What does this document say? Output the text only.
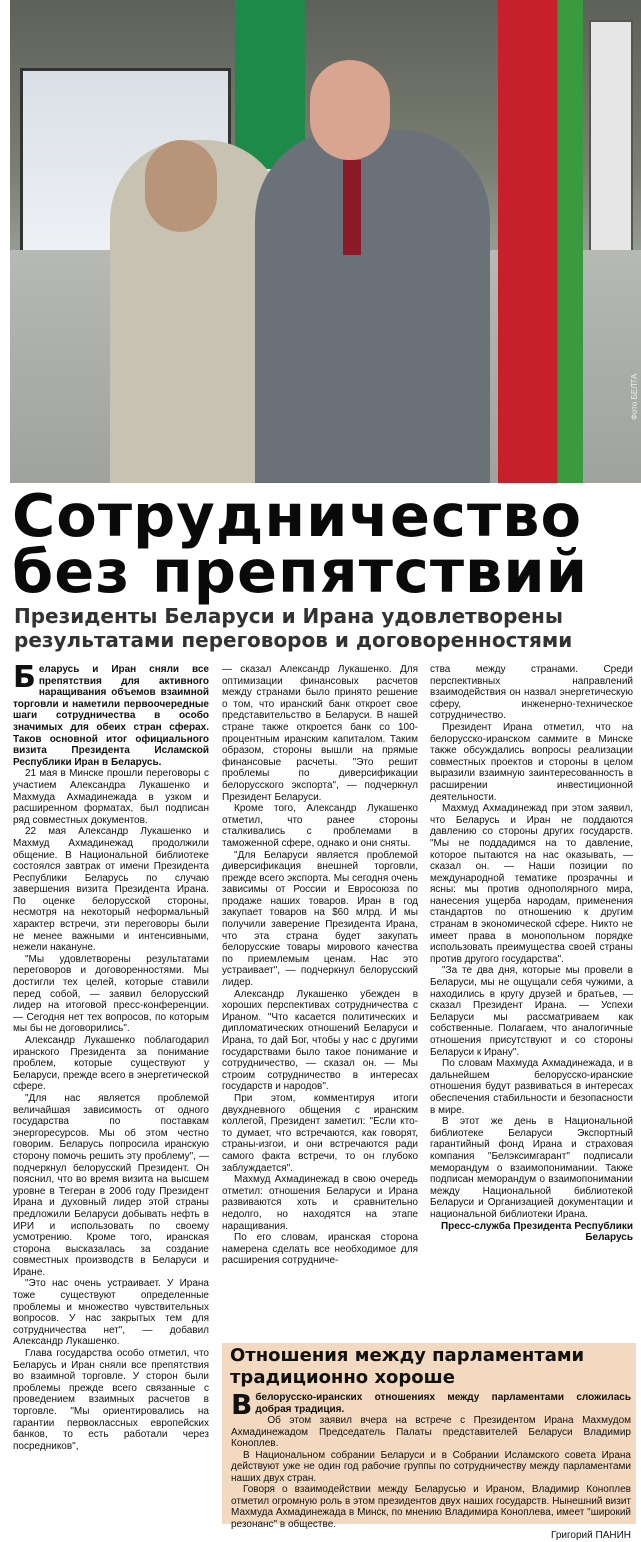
Фото БЕЛТА
Сотрудничество
без препятствий
Президенты Беларуси и Ирана удовлетворены результатами переговоров и договоренностями

Беларусь и Иран сняли все препятствия для активного наращивания объемов взаимной торговли и наметили первоочередные шаги сотрудничества в особо значимых для обеих стран сферах. Таков основной итог официального визита Президента Исламской Республики Иран в Беларусь.

21 мая в Минске прошли переговоры с участием Александра Лукашенко и Махмуда Ахмадинежада в узком и расширенном форматах, был подписан ряд совместных документов.

22 мая Александр Лукашенко и Махмуд Ахмадинежад продолжили общение. В Национальной библиотеке состоялся завтрак от имени Президента Республики Беларусь по случаю завершения визита Президента Ирана. По оценке белорусской стороны, несмотря на некоторый неформальный характер встречи, эти переговоры были не менее важными и интенсивными, нежели накануне.

"Мы удовлетворены результатами переговоров и договоренностями. Мы достигли тех целей, которые ставили перед собой, — заявил белорусский лидер на итоговой пресс-конференции. — Сегодня нет тех вопросов, по которым мы бы не договорились".

Александр Лукашенко поблагодарил иранского Президента за понимание проблем, которые существуют у Беларуси, прежде всего в энергетической сфере.

"Для нас является проблемой величайшая зависимость от одного государства по поставкам энергоресурсов. Мы об этом честно говорим. Беларусь попросила иранскую сторону помочь решить эту проблему", — подчеркнул белорусский Президент. Он пояснил, что во время визита на высшем уровне в Тегеран в 2006 году Президент Ирана и духовный лидер этой страны предложили Беларуси добывать нефть в ИРИ и использовать по своему усмотрению. Кроме того, иранская сторона высказалась за создание совместных производств в Беларуси и Иране.

"Это нас очень устраивает. У Ирана тоже существуют определенные проблемы и множество чувствительных вопросов. У нас закрытых тем для сотрудничества нет", — добавил Александр Лукашенко.

Глава государства особо отметил, что Беларусь и Иран сняли все препятствия во взаимной торговле. У сторон были проблемы прежде всего связанные с проведением взаимных расчетов в торговле. "Мы ориентировались на гарантии первоклассных европейских банков, то есть работали через посредников",

— сказал Александр Лукашенко. Для оптимизации финансовых расчетов между странами было принято решение о том, что иранский банк откроет свое представительство в Беларуси. В нашей стране также откроется банк со 100-процентным иранским капиталом. Таким образом, стороны вышли на прямые финансовые расчеты. "Это решит проблемы по диверсификации белорусского экспорта", — подчеркнул Президент Беларуси.

Кроме того, Александр Лукашенко отметил, что ранее стороны сталкивались с проблемами в таможенной сфере, однако и они сняты.

"Для Беларуси является проблемой диверсификация внешней торговли, прежде всего экспорта. Мы сегодня очень зависимы от России и Евросоюза по продаже наших товаров. Иран в год закупает товаров на $60 млрд. И мы получили заверение Президента Ирана, что эта страна будет закупать белорусские товары мирового качества по приемлемым ценам. Нас это устраивает", — подчеркнул белорусский лидер.

Александр Лукашенко убежден в хороших перспективах сотрудничества с Ираном. "Что касается политических и дипломатических отношений Беларуси и Ирана, то дай Бог, чтобы у нас с другими государствами было такое понимание и сотрудничество, — сказал он. — Мы строим сотрудничество в интересах государств и народов".

При этом, комментируя итоги двухдневного общения с иранским коллегой, Президент заметил: "Если кто-то думает, что встречаются, как говорят, страны-изгои, и они встречаются ради самого факта встречи, то он глубоко заблуждается".

Махмуд Ахмадинежад в свою очередь отметил: отношения Беларуси и Ирана развиваются хоть и сравнительно недолго, но находятся на этапе наращивания.

По его словам, иранская сторона намерена сделать все необходимое для расширения сотрудниче-

ства между странами. Среди перспективных направлений взаимодействия он назвал энергетическую сферу, инженерно-техническое сотрудничество.

Президент Ирана отметил, что на белорусско-иранском саммите в Минске также обсуждались вопросы реализации совместных проектов и стороны в целом выразили взаимную заинтересованность в расширении инвестиционной деятельности.

Махмуд Ахмадинежад при этом заявил, что Беларусь и Иран не поддаются давлению со стороны других государств. "Мы не поддадимся на то давление, которое пытаются на нас оказывать, — сказал он. — Наши позиции по международной тематике прозрачны и ясны: мы против однополярного мира, нанесения ущерба народам, применения стандартов по отношению к другим странам в экономической сфере. Никто не имеет права в монопольном порядке использовать преимущества своей страны против другого государства".

"За те два дня, которые мы провели в Беларуси, мы не ощущали себя чужими, а находились в кругу друзей и братьев, — сказал Президент Ирана. — Успехи Беларуси мы рассматриваем как собственные. Полагаем, что аналогичные отношения присутствуют и со стороны Беларуси к Ирану".

По словам Махмуда Ахмадинежада, и в дальнейшем белорусско-иранские отношения будут развиваться в интересах обеспечения стабильности и безопасности в мире.

В этот же день в Национальной библиотеке Беларуси Экспортный гарантийный фонд Ирана и страховая компания "Белэксимгарант" подписали меморандум о взаимопонимании. Также подписан меморандум о взаимопонимании между Национальной библиотекой Беларуси и Организацией документации и национальной библиотеки Ирана.

Пресс-служба Президента Республики Беларусь

Отношения между парламентами традиционно хороше

Вбелорусско-иранских отношениях между парламентами сложилась добрая традиция.

Об этом заявил вчера на встрече с Президентом Ирана Махмудом Ахмадинежадом Председатель Палаты представителей Беларуси Владимир Коноплев.

В Национальном собрании Беларуси и в Собрании Исламского совета Ирана действуют уже не один год рабочие группы по сотрудничеству между парламентами наших двух стран.

Говоря о взаимодействии между Беларусью и Ираном, Владимир Коноплев отметил огромную роль в этом президентов двух наших государств. Нынешний визит Махмуда Ахмадинежада в Минск, по мнению Владимира Коноплева, имеет "широкий резонанс" в обществе.

Григорий ПАНИН
